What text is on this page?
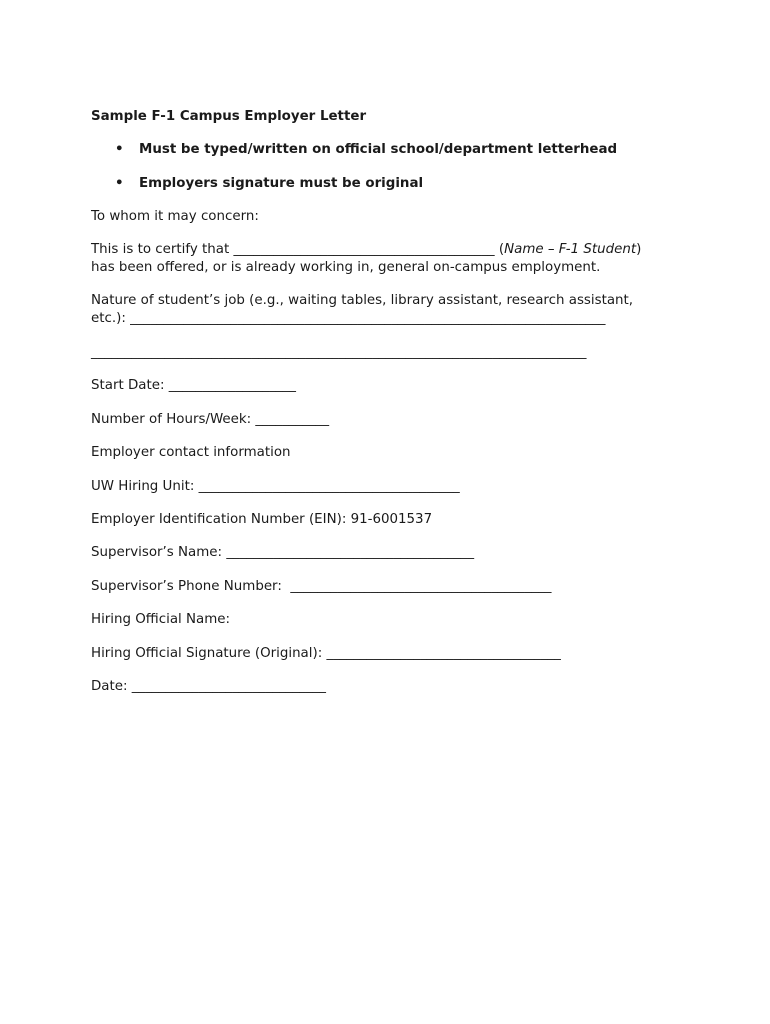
Sample F-1 Campus Employer Letter
• Must be typed/written on official school/department letterhead
• Employers signature must be original
To whom it may concern:
This is to certify that _______________________________________ (Name – F-1 Student)
has been offered, or is already working in, general on-campus employment.
Nature of student’s job (e.g., waiting tables, library assistant, research assistant,
etc.): _______________________________________________________________________
__________________________________________________________________________
Start Date: ___________________
Number of Hours/Week: ___________
Employer contact information
UW Hiring Unit: _______________________________________
Employer Identification Number (EIN): 91-6001537
Supervisor’s Name: _____________________________________
Supervisor’s Phone Number:  _______________________________________
Hiring Official Name:
Hiring Official Signature (Original): ___________________________________
Date: _____________________________
